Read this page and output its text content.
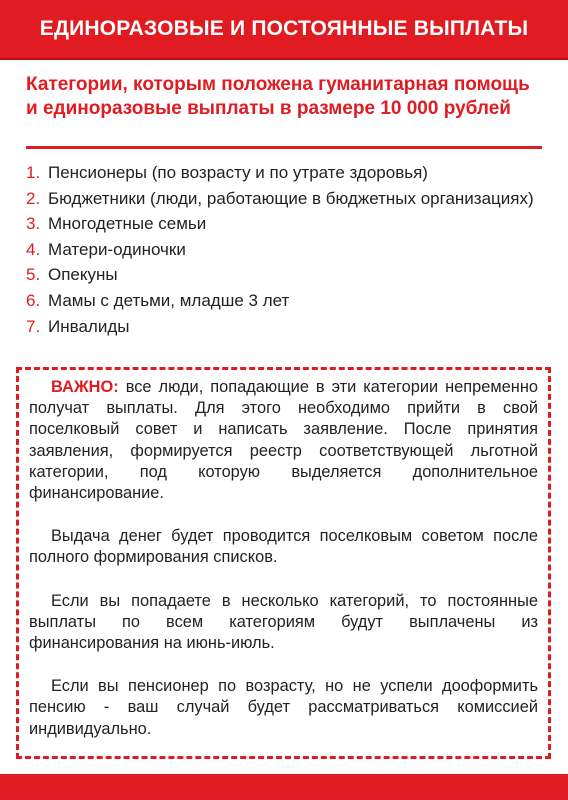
ЕДИНОРАЗОВЫЕ И ПОСТОЯННЫЕ ВЫПЛАТЫ
Категории, которым положена гуманитарная помощь и единоразовые выплаты в размере 10 000 рублей
1. Пенсионеры (по возрасту и по утрате здоровья)
2. Бюджетники (люди, работающие в бюджетных организациях)
3. Многодетные семьи
4. Матери-одиночки
5. Опекуны
6. Мамы с детьми, младше 3 лет
7. Инвалиды

ВАЖНО: все люди, попадающие в эти категории непременно получат выплаты. Для этого необходимо прийти в свой поселковый совет и написать заявление. После принятия заявления, формируется реестр соответствующей льготной категории, под которую выделяется дополнительное финансирование.

Выдача денег будет проводится поселковым советом после полного формирования списков.

Если вы попадаете в несколько категорий, то постоянные выплаты по всем категориям будут выплачены из финансирования на июнь-июль.

Если вы пенсионер по возрасту, но не успели дооформить пенсию - ваш случай будет рассматриваться комиссией индивидуально.
